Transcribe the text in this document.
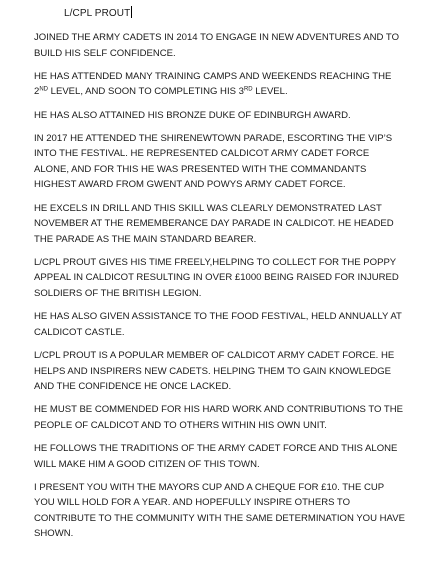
L/CPL PROUT

JOINED THE ARMY CADETS IN 2014 TO ENGAGE IN NEW ADVENTURES AND TO BUILD HIS SELF CONFIDENCE.

HE HAS ATTENDED MANY TRAINING CAMPS AND WEEKENDS REACHING THE 2ND LEVEL, AND SOON TO COMPLETING HIS 3RD LEVEL.

HE HAS ALSO ATTAINED HIS BRONZE DUKE OF EDINBURGH AWARD.

IN 2017 HE ATTENDED THE SHIRENEWTOWN PARADE, ESCORTING THE VIP’S INTO THE FESTIVAL. HE REPRESENTED CALDICOT ARMY CADET FORCE ALONE, AND FOR THIS HE WAS PRESENTED WITH THE COMMANDANTS HIGHEST AWARD FROM GWENT AND POWYS ARMY CADET FORCE.

HE EXCELS IN DRILL AND THIS SKILL WAS CLEARLY DEMONSTRATED LAST NOVEMBER AT THE REMEMBERANCE DAY PARADE IN CALDICOT. HE HEADED THE PARADE AS THE MAIN STANDARD BEARER.

L/CPL PROUT GIVES HIS TIME FREELY,HELPING TO COLLECT FOR THE POPPY APPEAL IN CALDICOT RESULTING IN OVER £1000 BEING RAISED FOR INJURED SOLDIERS OF THE BRITISH LEGION.

HE HAS ALSO GIVEN ASSISTANCE TO THE FOOD FESTIVAL, HELD ANNUALLY AT CALDICOT CASTLE.

L/CPL PROUT IS A POPULAR MEMBER OF CALDICOT ARMY CADET FORCE. HE HELPS AND INSPIRERS NEW CADETS. HELPING THEM TO GAIN KNOWLEDGE AND THE CONFIDENCE HE ONCE LACKED.

HE MUST BE COMMENDED FOR HIS HARD WORK AND CONTRIBUTIONS TO THE PEOPLE OF CALDICOT AND TO OTHERS WITHIN HIS OWN UNIT.

HE FOLLOWS THE TRADITIONS OF THE ARMY CADET FORCE AND THIS ALONE WILL MAKE HIM A GOOD CITIZEN OF THIS TOWN.

I PRESENT YOU WITH THE MAYORS CUP AND A CHEQUE FOR £10. THE CUP YOU WILL HOLD FOR A YEAR. AND HOPEFULLY INSPIRE OTHERS TO CONTRIBUTE TO THE COMMUNITY WITH THE SAME DETERMINATION YOU HAVE SHOWN.
